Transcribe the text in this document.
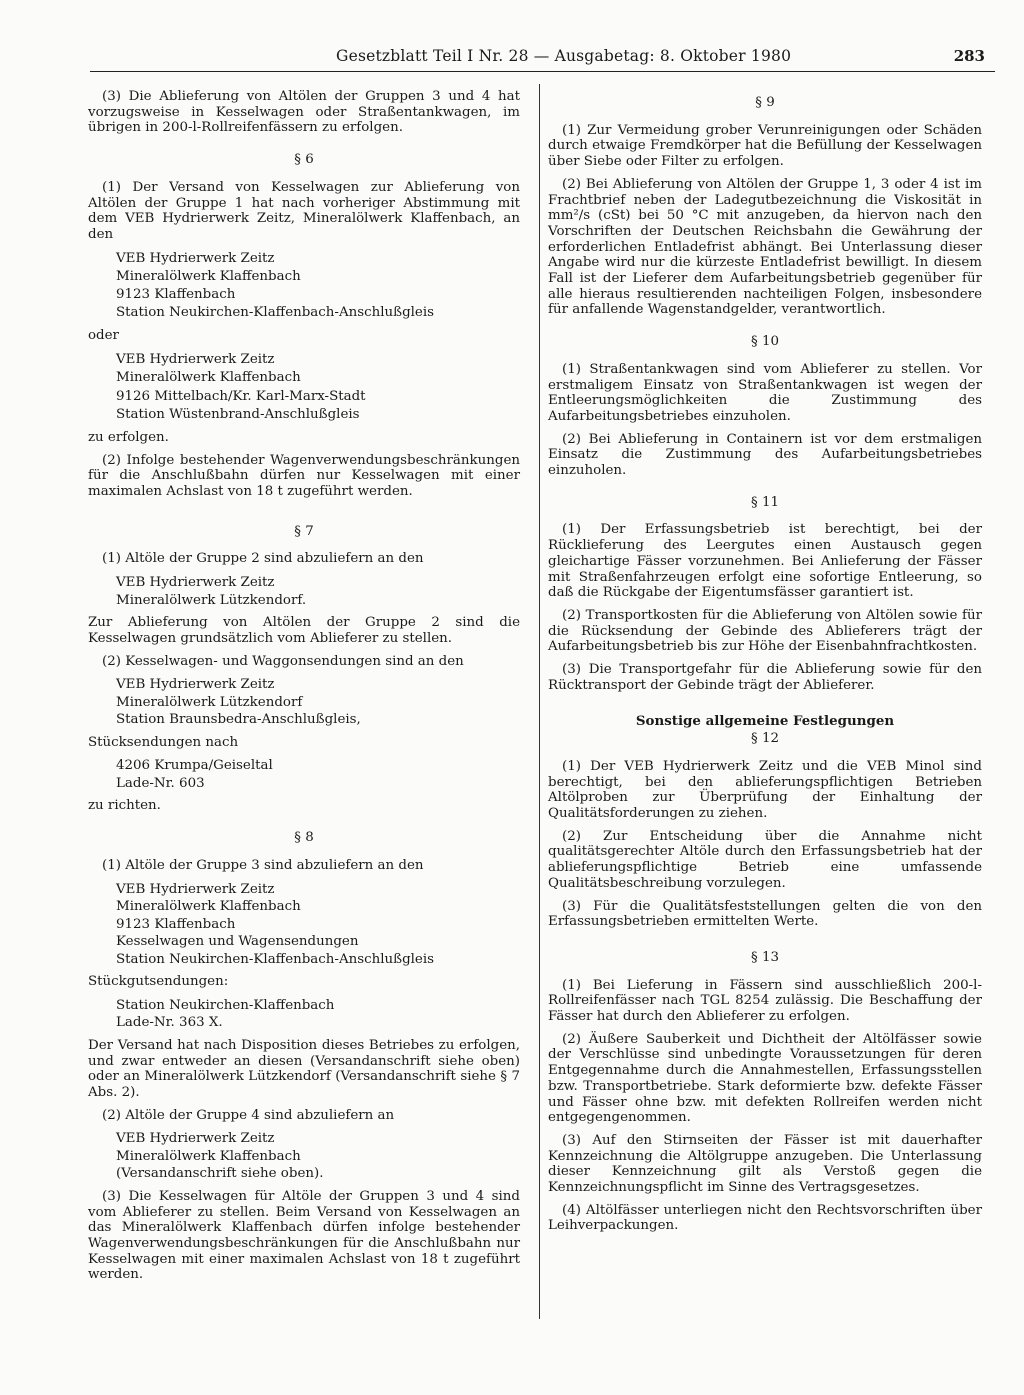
Gesetzblatt Teil I Nr. 28 — Ausgabetag: 8. Oktober 1980	283

(3) Die Ablieferung von Altölen der Gruppen 3 und 4 hat vorzugsweise in Kesselwagen oder Straßentankwagen, im übrigen in 200-l-Rollreifenfässern zu erfolgen.

§ 6

(1) Der Versand von Kesselwagen zur Ablieferung von Altölen der Gruppe 1 hat nach vorheriger Abstimmung mit dem VEB Hydrierwerk Zeitz, Mineralölwerk Klaffenbach, an den

VEB Hydrierwerk Zeitz
Mineralölwerk Klaffenbach
9123 Klaffenbach
Station Neukirchen-Klaffenbach-Anschlußgleis

oder

VEB Hydrierwerk Zeitz
Mineralölwerk Klaffenbach
9126 Mittelbach/Kr. Karl-Marx-Stadt
Station Wüstenbrand-Anschlußgleis

zu erfolgen.

(2) Infolge bestehender Wagenverwendungsbeschränkungen für die Anschlußbahn dürfen nur Kesselwagen mit einer maximalen Achslast von 18 t zugeführt werden.

§ 7

(1) Altöle der Gruppe 2 sind abzuliefern an den

VEB Hydrierwerk Zeitz
Mineralölwerk Lützkendorf.

Zur Ablieferung von Altölen der Gruppe 2 sind die Kesselwagen grundsätzlich vom Ablieferer zu stellen.

(2) Kesselwagen- und Waggonsendungen sind an den

VEB Hydrierwerk Zeitz
Mineralölwerk Lützkendorf
Station Braunsbedra-Anschlußgleis,

Stücksendungen nach

4206 Krumpa/Geiseltal
Lade-Nr. 603

zu richten.

§ 8

(1) Altöle der Gruppe 3 sind abzuliefern an den

VEB Hydrierwerk Zeitz
Mineralölwerk Klaffenbach
9123 Klaffenbach
Kesselwagen und Wagensendungen
Station Neukirchen-Klaffenbach-Anschlußgleis

Stückgutsendungen:

Station Neukirchen-Klaffenbach
Lade-Nr. 363 X.

Der Versand hat nach Disposition dieses Betriebes zu erfolgen, und zwar entweder an diesen (Versandanschrift siehe oben) oder an Mineralölwerk Lützkendorf (Versandanschrift siehe § 7 Abs. 2).

(2) Altöle der Gruppe 4 sind abzuliefern an

VEB Hydrierwerk Zeitz
Mineralölwerk Klaffenbach
(Versandanschrift siehe oben).

(3) Die Kesselwagen für Altöle der Gruppen 3 und 4 sind vom Ablieferer zu stellen. Beim Versand von Kesselwagen an das Mineralölwerk Klaffenbach dürfen infolge bestehender Wagenverwendungsbeschränkungen für die Anschlußbahn nur Kesselwagen mit einer maximalen Achslast von 18 t zugeführt werden.

§ 9

(1) Zur Vermeidung grober Verunreinigungen oder Schäden durch etwaige Fremdkörper hat die Befüllung der Kesselwagen über Siebe oder Filter zu erfolgen.

(2) Bei Ablieferung von Altölen der Gruppe 1, 3 oder 4 ist im Frachtbrief neben der Ladegutbezeichnung die Viskosität in mm²/s (cSt) bei 50 °C mit anzugeben, da hiervon nach den Vorschriften der Deutschen Reichsbahn die Gewährung der erforderlichen Entladefrist abhängt. Bei Unterlassung dieser Angabe wird nur die kürzeste Entladefrist bewilligt. In diesem Fall ist der Lieferer dem Aufarbeitungsbetrieb gegenüber für alle hieraus resultierenden nachteiligen Folgen, insbesondere für anfallende Wagenstandgelder, verantwortlich.

§ 10

(1) Straßentankwagen sind vom Ablieferer zu stellen. Vor erstmaligem Einsatz von Straßentankwagen ist wegen der Entleerungsmöglichkeiten die Zustimmung des Aufarbeitungsbetriebes einzuholen.

(2) Bei Ablieferung in Containern ist vor dem erstmaligen Einsatz die Zustimmung des Aufarbeitungsbetriebes einzuholen.

§ 11

(1) Der Erfassungsbetrieb ist berechtigt, bei der Rücklieferung des Leergutes einen Austausch gegen gleichartige Fässer vorzunehmen. Bei Anlieferung der Fässer mit Straßenfahrzeugen erfolgt eine sofortige Entleerung, so daß die Rückgabe der Eigentumsfässer garantiert ist.

(2) Transportkosten für die Ablieferung von Altölen sowie für die Rücksendung der Gebinde des Ablieferers trägt der Aufarbeitungsbetrieb bis zur Höhe der Eisenbahnfrachtkosten.

(3) Die Transportgefahr für die Ablieferung sowie für den Rücktransport der Gebinde trägt der Ablieferer.

Sonstige allgemeine Festlegungen
§ 12

(1) Der VEB Hydrierwerk Zeitz und die VEB Minol sind berechtigt, bei den ablieferungspflichtigen Betrieben Altölproben zur Überprüfung der Einhaltung der Qualitätsforderungen zu ziehen.

(2) Zur Entscheidung über die Annahme nicht qualitätsgerechter Altöle durch den Erfassungsbetrieb hat der ablieferungspflichtige Betrieb eine umfassende Qualitätsbeschreibung vorzulegen.

(3) Für die Qualitätsfeststellungen gelten die von den Erfassungsbetrieben ermittelten Werte.

§ 13

(1) Bei Lieferung in Fässern sind ausschließlich 200-l-Rollreifenfässer nach TGL 8254 zulässig. Die Beschaffung der Fässer hat durch den Ablieferer zu erfolgen.

(2) Äußere Sauberkeit und Dichtheit der Altölfässer sowie der Verschlüsse sind unbedingte Voraussetzungen für deren Entgegennahme durch die Annahmestellen, Erfassungsstellen bzw. Transportbetriebe. Stark deformierte bzw. defekte Fässer und Fässer ohne bzw. mit defekten Rollreifen werden nicht entgegengenommen.

(3) Auf den Stirnseiten der Fässer ist mit dauerhafter Kennzeichnung die Altölgruppe anzugeben. Die Unterlassung dieser Kennzeichnung gilt als Verstoß gegen die Kennzeichnungspflicht im Sinne des Vertragsgesetzes.

(4) Altölfässer unterliegen nicht den Rechtsvorschriften über Leihverpackungen.
